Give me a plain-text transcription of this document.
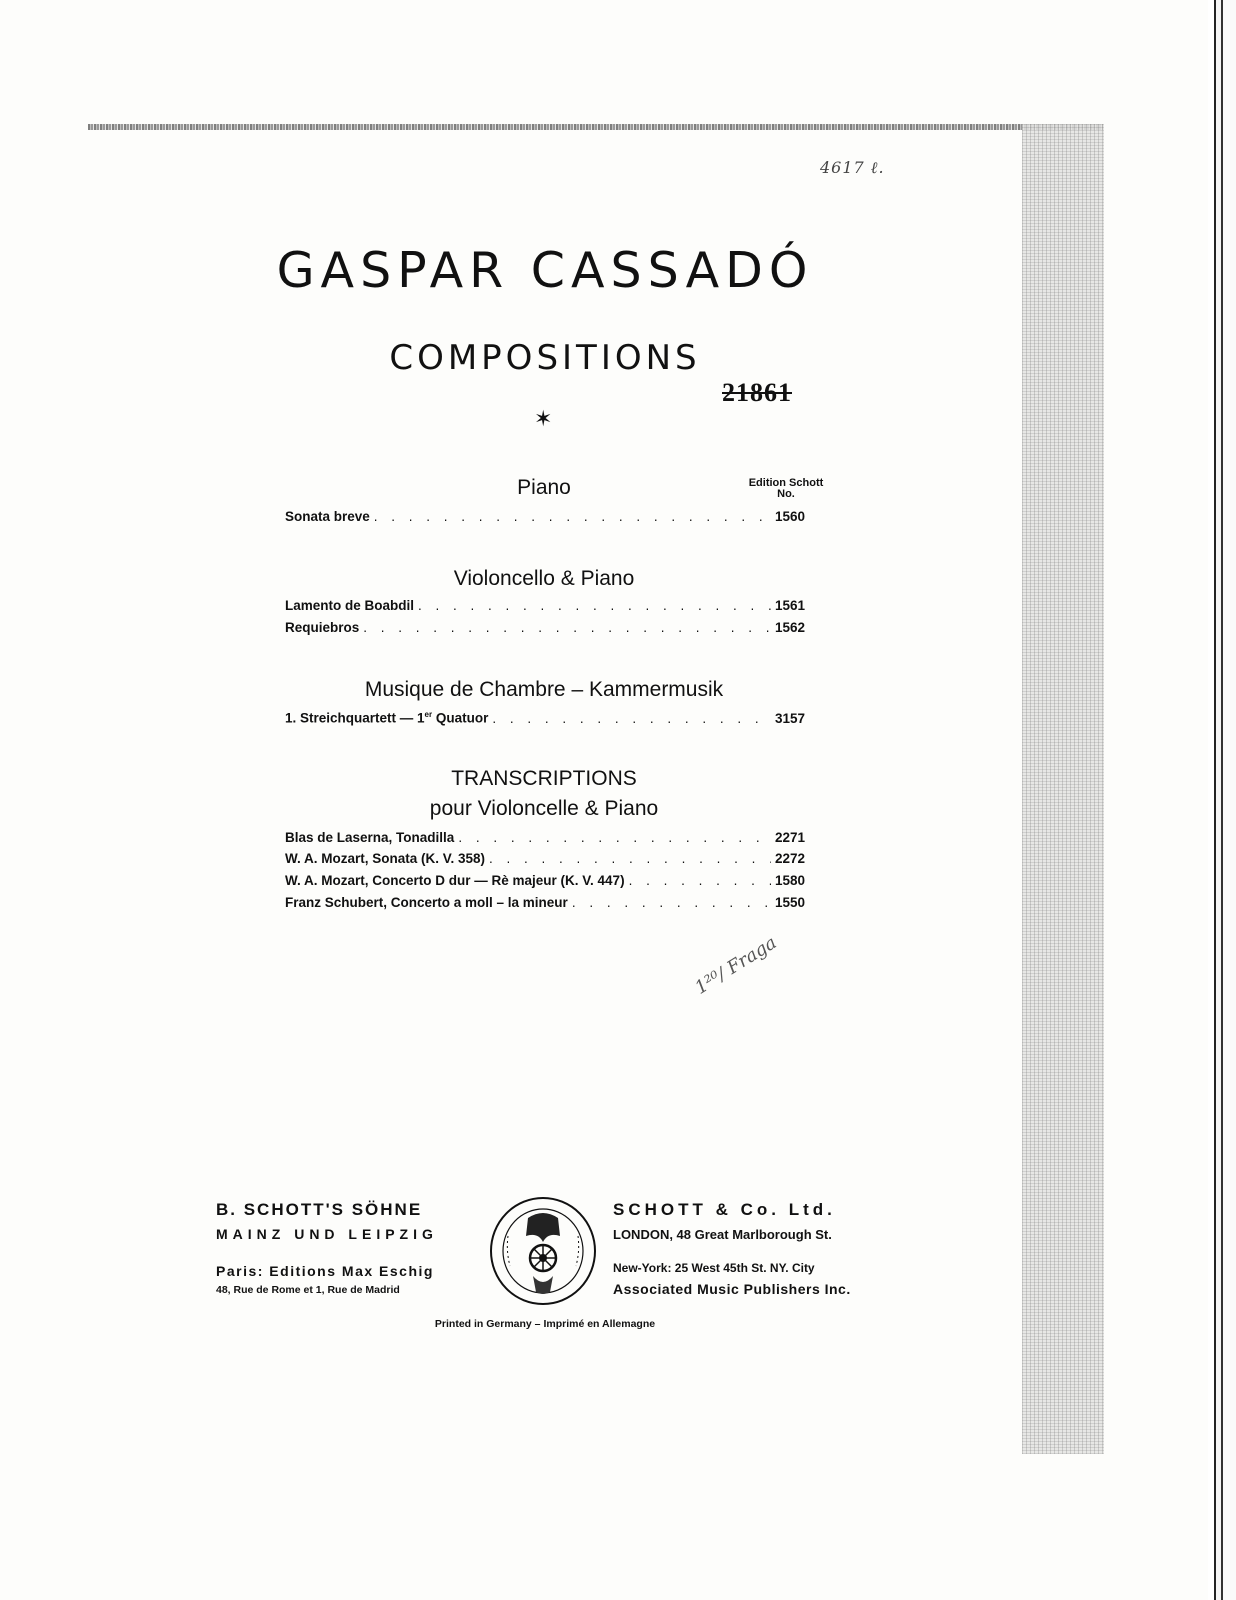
4617 ℓ.
GASPAR CASSADÓ
COMPOSITIONS
21861
✶
Piano	Edition Schott
No.
Sonata breve . . .	1560
Violoncello & Piano
Lamento de Boabdil . . .	1561
Requiebros . . .	1562
Musique de Chambre – Kammermusik
1. Streichquartett — 1er Quatuor . . .	3157
TRANSCRIPTIONS
pour Violoncelle & Piano
Blas de Laserna, Tonadilla . . .	2271
W. A. Mozart, Sonata (K. V. 358) . . .	2272
W. A. Mozart, Concerto D dur — Rè majeur (K. V. 447) . . .	1580
Franz Schubert, Concerto a moll – la mineur . . .	1550
1²⁰/ Fraga
B. SCHOTT'S SÖHNE
MAINZ UND LEIPZIG
Paris: Editions Max Eschig
48, Rue de Rome et 1, Rue de Madrid
SCHOTT & Co. Ltd.
LONDON, 48 Great Marlborough St.
New-York: 25 West 45th St. NY. City
Associated Music Publishers Inc.
Printed in Germany – Imprimé en Allemagne
